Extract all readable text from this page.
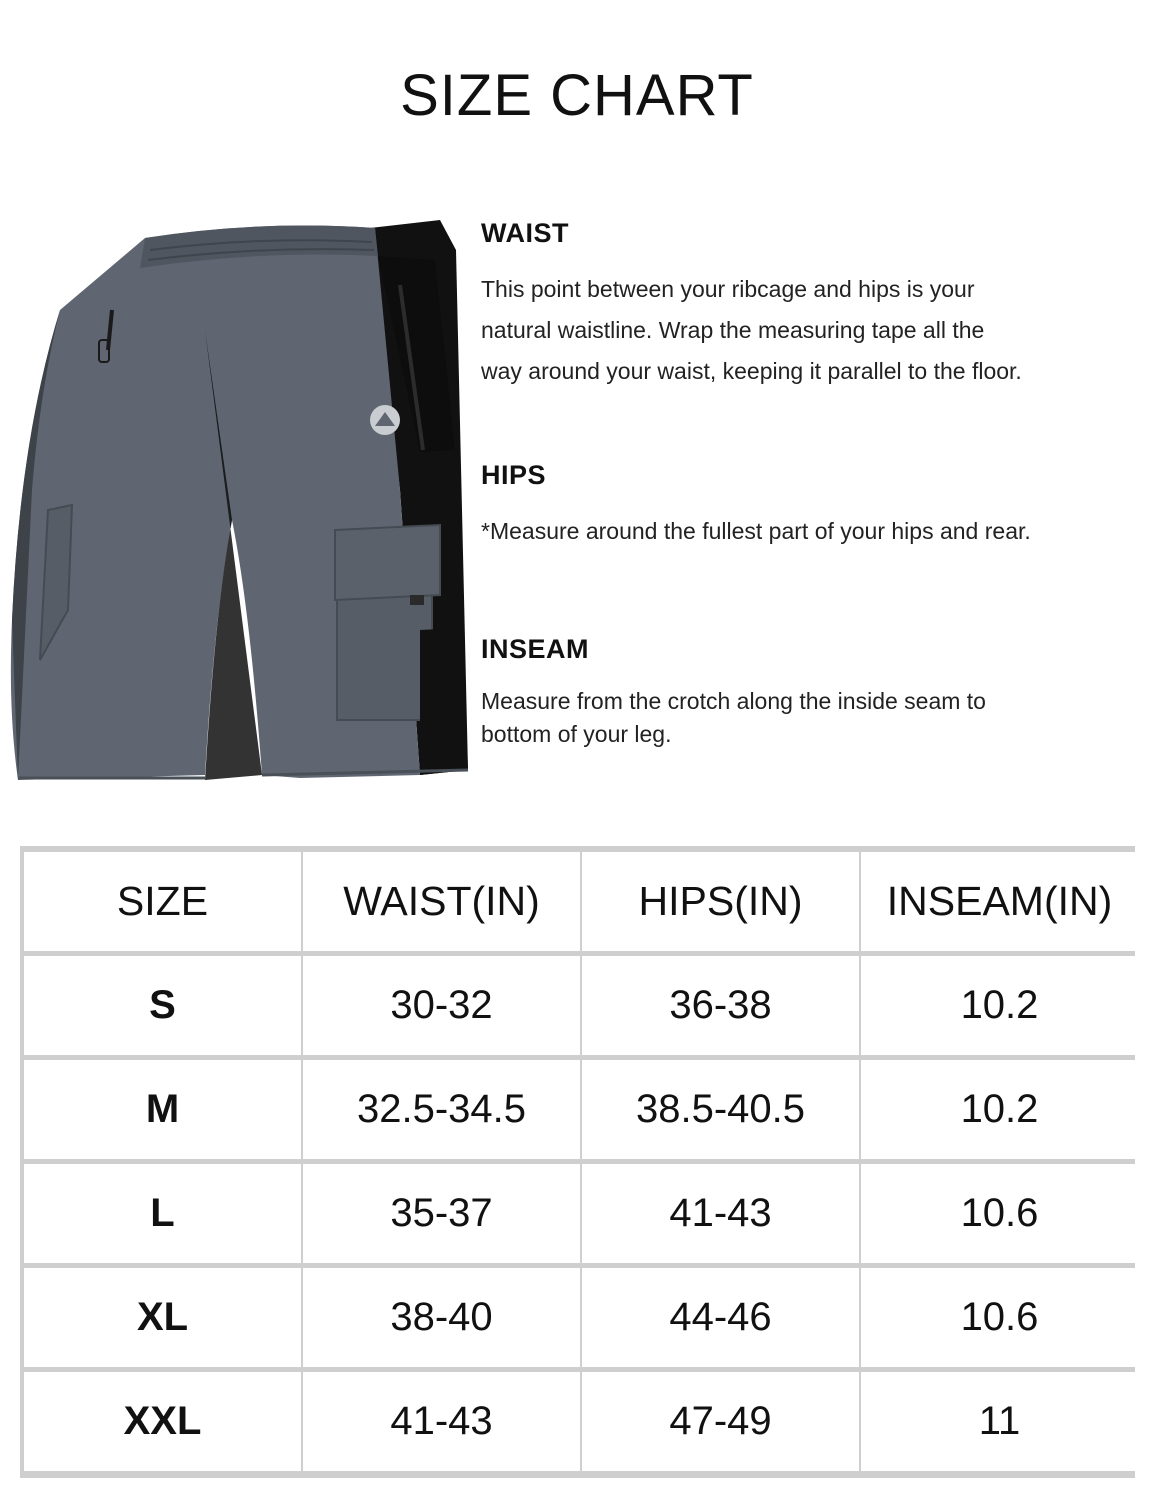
SIZE CHART
WAIST

This point between your ribcage and hips is your
natural waistline. Wrap the measuring tape all the
way around your waist, keeping it parallel to the floor.

HIPS

*Measure around the fullest part of your hips and rear.

INSEAM

Measure from the crotch along the inside seam to
bottom of your leg.

SIZE	WAIST(IN)	HIPS(IN)	INSEAM(IN)
S	30-32	36-38	10.2
M	32.5-34.5	38.5-40.5	10.2
L	35-37	41-43	10.6
XL	38-40	44-46	10.6
XXL	41-43	47-49	11
